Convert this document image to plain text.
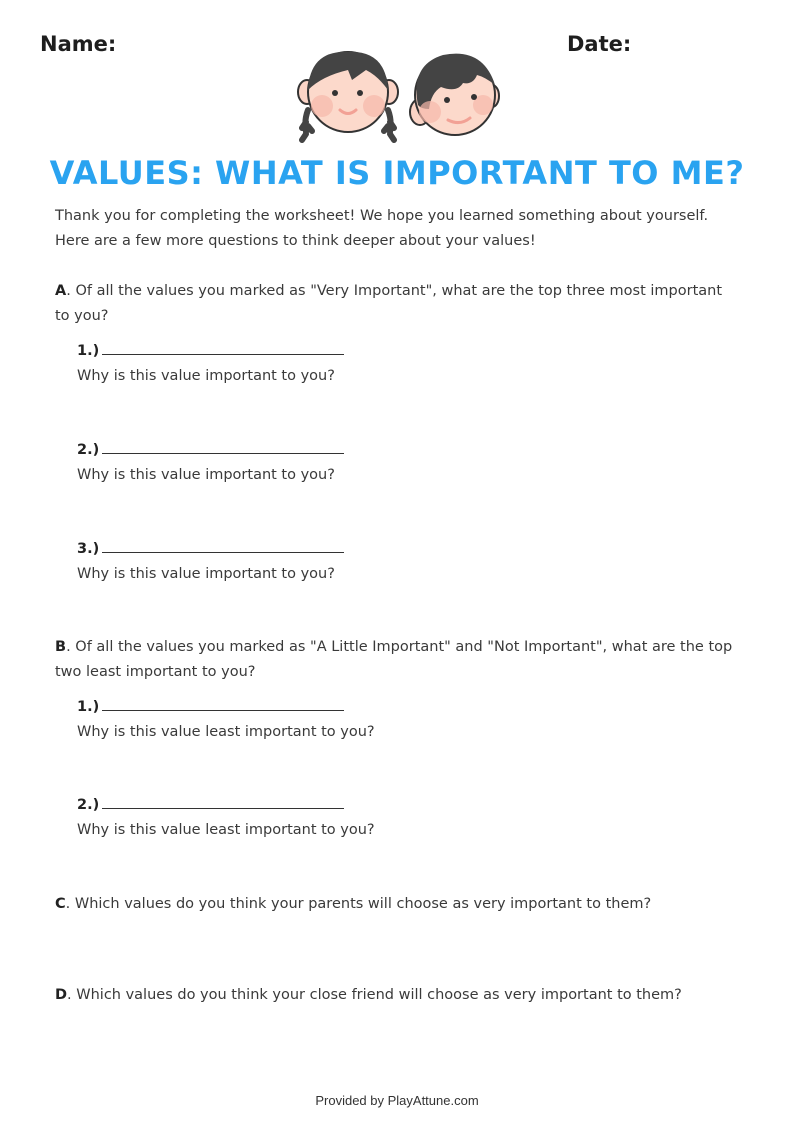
Name:	Date:
VALUES: WHAT IS IMPORTANT TO ME?
Thank you for completing the worksheet! We hope you learned something about yourself.
Here are a few more questions to think deeper about your values!
A. Of all the values you marked as "Very Important", what are the top three most important
to you?
1.)
Why is this value important to you?
2.)
Why is this value important to you?
3.)
Why is this value important to you?
B. Of all the values you marked as "A Little Important" and "Not Important", what are the top
two least important to you?
1.)
Why is this value least important to you?
2.)
Why is this value least important to you?
C. Which values do you think your parents will choose as very important to them?
D. Which values do you think your close friend will choose as very important to them?
Provided by PlayAttune.com
